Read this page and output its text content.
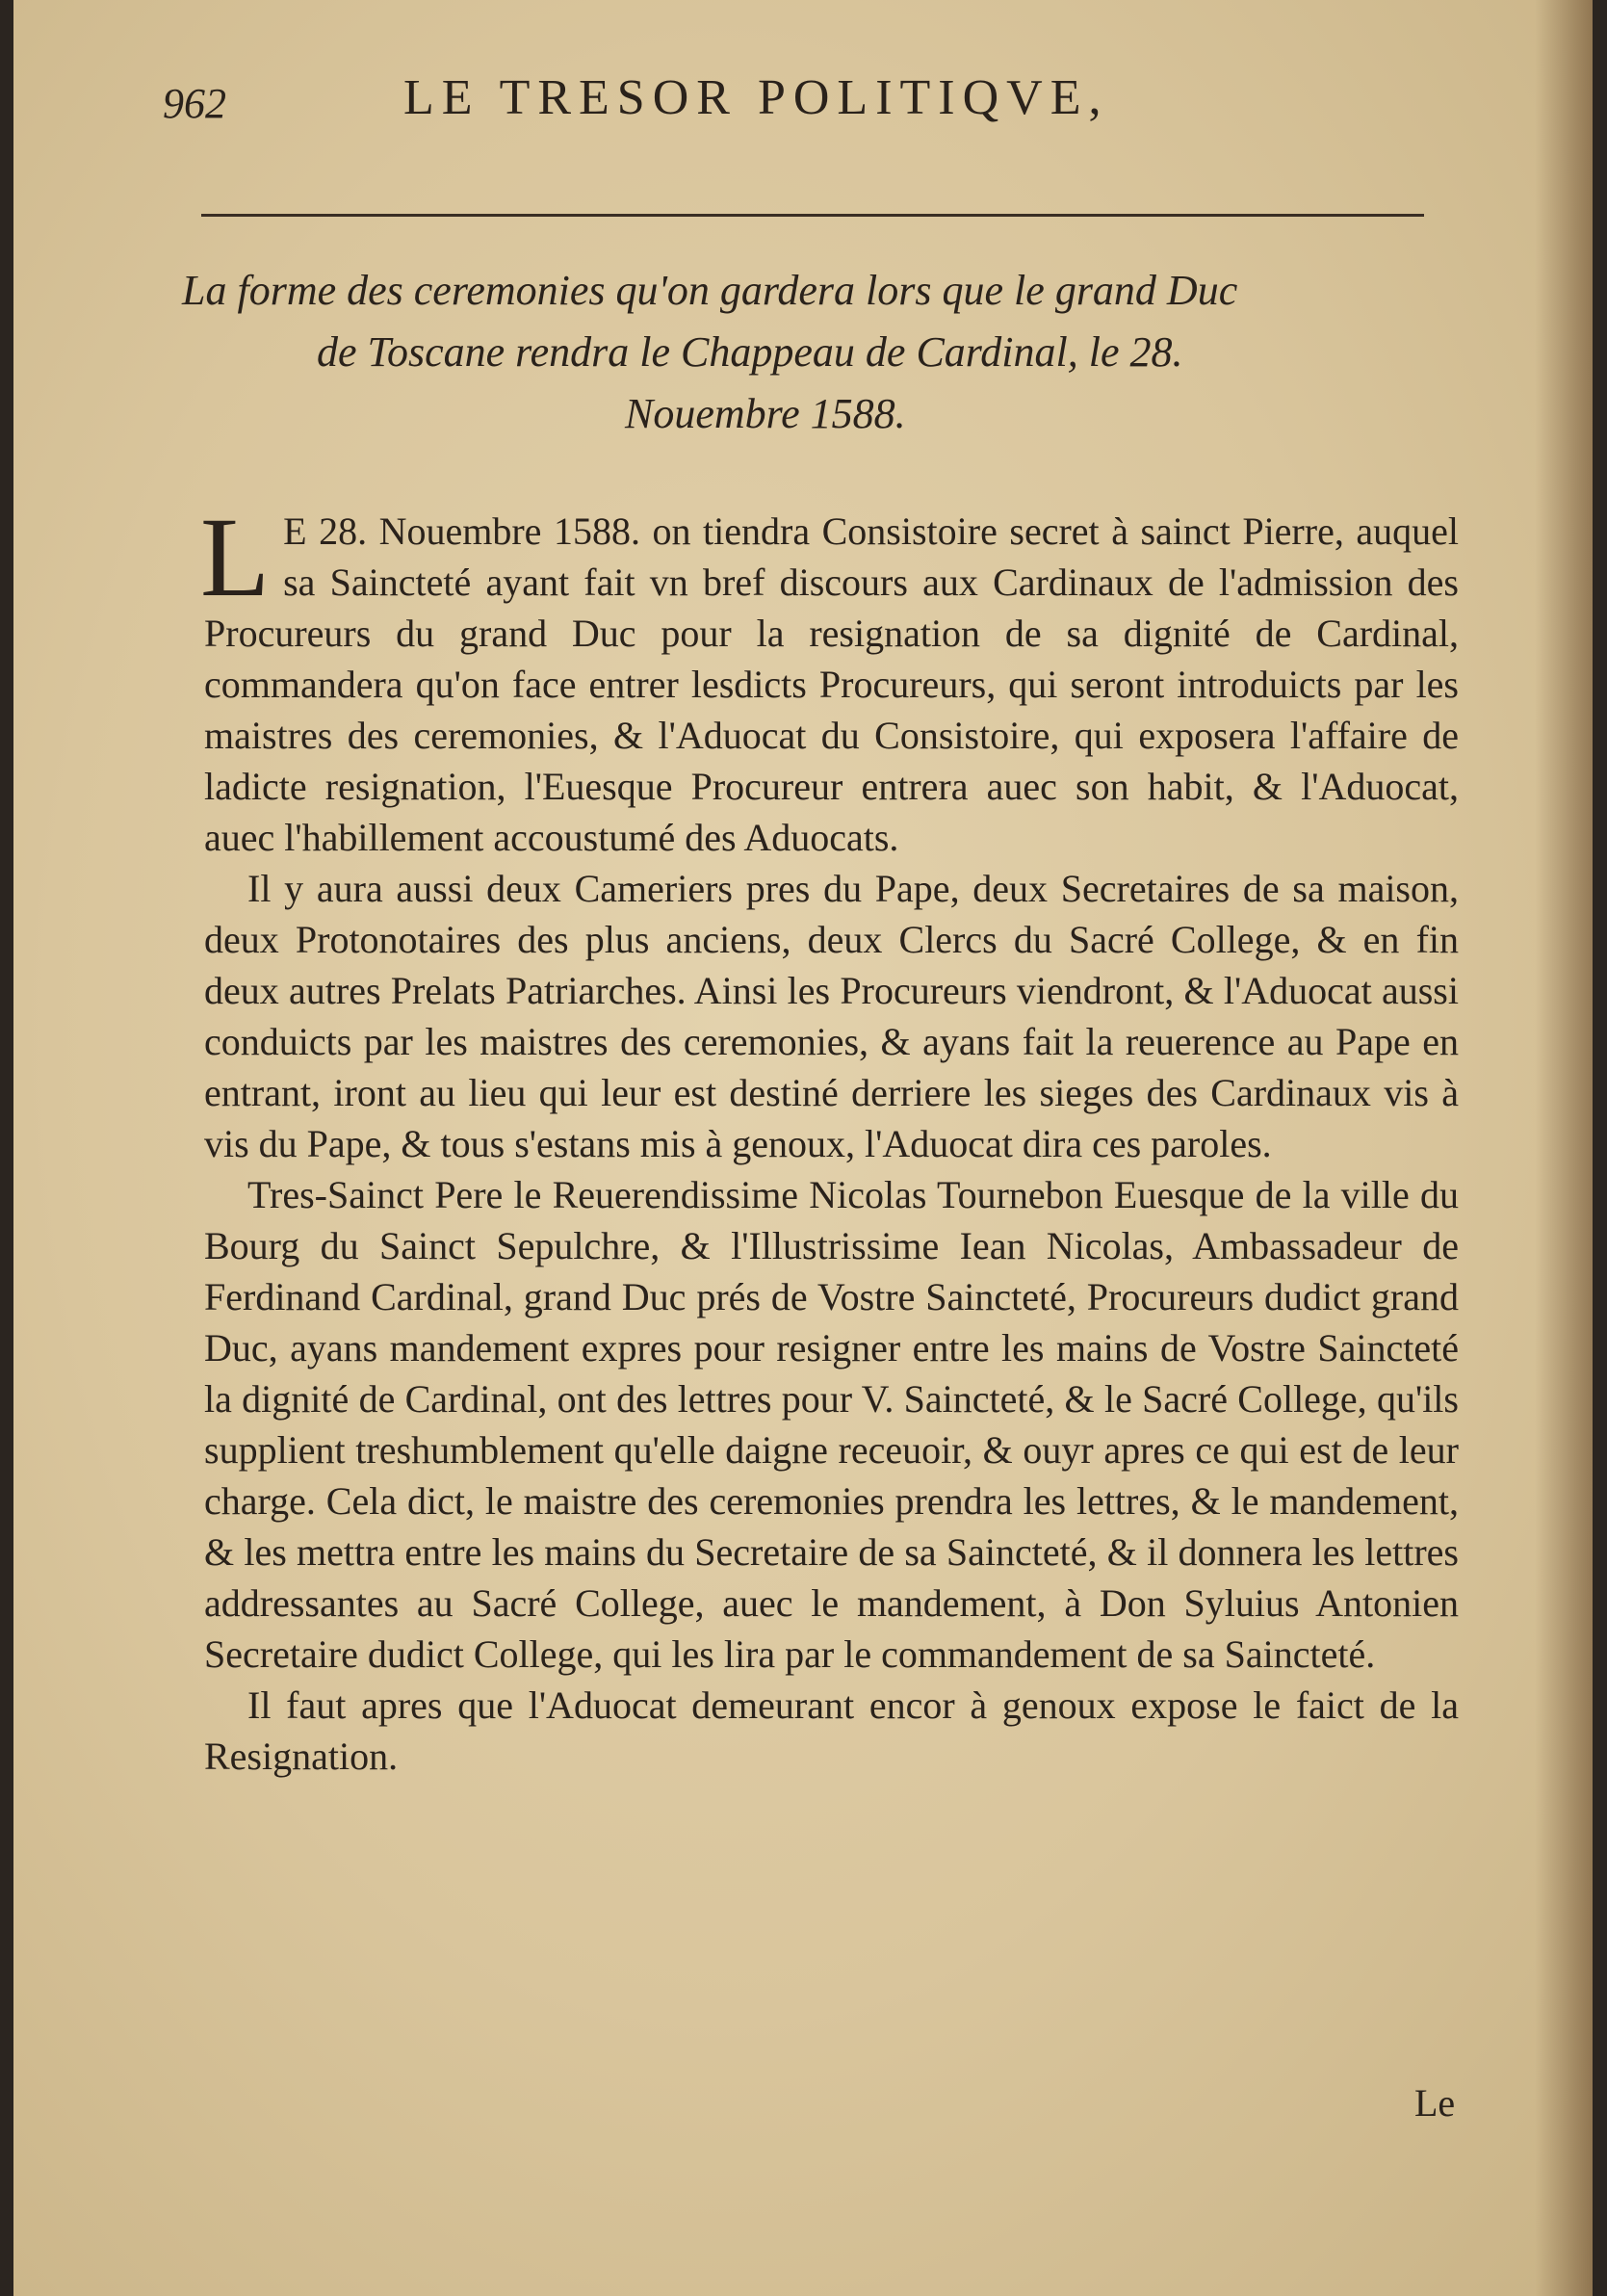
962	LE TRESOR POLITIQVE,
La forme des ceremonies qu'on gardera lors que le grand Duc
de Toscane rendra le Chappeau de Cardinal, le 28.
Nouembre 1588.

L E 28. Nouembre 1588. on tiendra Consistoire secret à sainct Pierre, auquel sa Saincteté ayant fait vn bref discours aux Cardinaux de l'admission des Procureurs du grand Duc pour la resignation de sa dignité de Cardinal, commandera qu'on face entrer lesdicts Procureurs, qui seront introduicts par les maistres des ceremonies, & l'Aduocat du Consistoire, qui exposera l'affaire de ladicte resignation, l'Euesque Procureur entrera auec son habit, & l'Aduocat, auec l'habillement accoustumé des Aduocats.

Il y aura aussi deux Cameriers pres du Pape, deux Secretaires de sa maison, deux Protonotaires des plus anciens, deux Clercs du Sacré College, & en fin deux autres Prelats Patriarches. Ainsi les Procureurs viendront, & l'Aduocat aussi conduicts par les maistres des ceremonies, & ayans fait la reuerence au Pape en entrant, iront au lieu qui leur est destiné derriere les sieges des Cardinaux vis à vis du Pape, & tous s'estans mis à genoux, l'Aduocat dira ces paroles.

Tres-Sainct Pere le Reuerendissime Nicolas Tournebon Euesque de la ville du Bourg du Sainct Sepulchre, & l'Illustrissime Iean Nicolas, Ambassadeur de Ferdinand Cardinal, grand Duc prés de Vostre Saincteté, Procureurs dudict grand Duc, ayans mandement expres pour resigner entre les mains de Vostre Saincteté la dignité de Cardinal, ont des lettres pour V. Saincteté, & le Sacré College, qu'ils supplient treshumblement qu'elle daigne receuoir, & ouyr apres ce qui est de leur charge. Cela dict, le maistre des ceremonies prendra les lettres, & le mandement, & les mettra entre les mains du Secretaire de sa Saincteté, & il donnera les lettres addressantes au Sacré College, auec le mandement, à Don Syluius Antonien Secretaire dudict College, qui les lira par le commandement de sa Saincteté.

Il faut apres que l'Aduocat demeurant encor à genoux expose le faict de la Resignation.

Le
